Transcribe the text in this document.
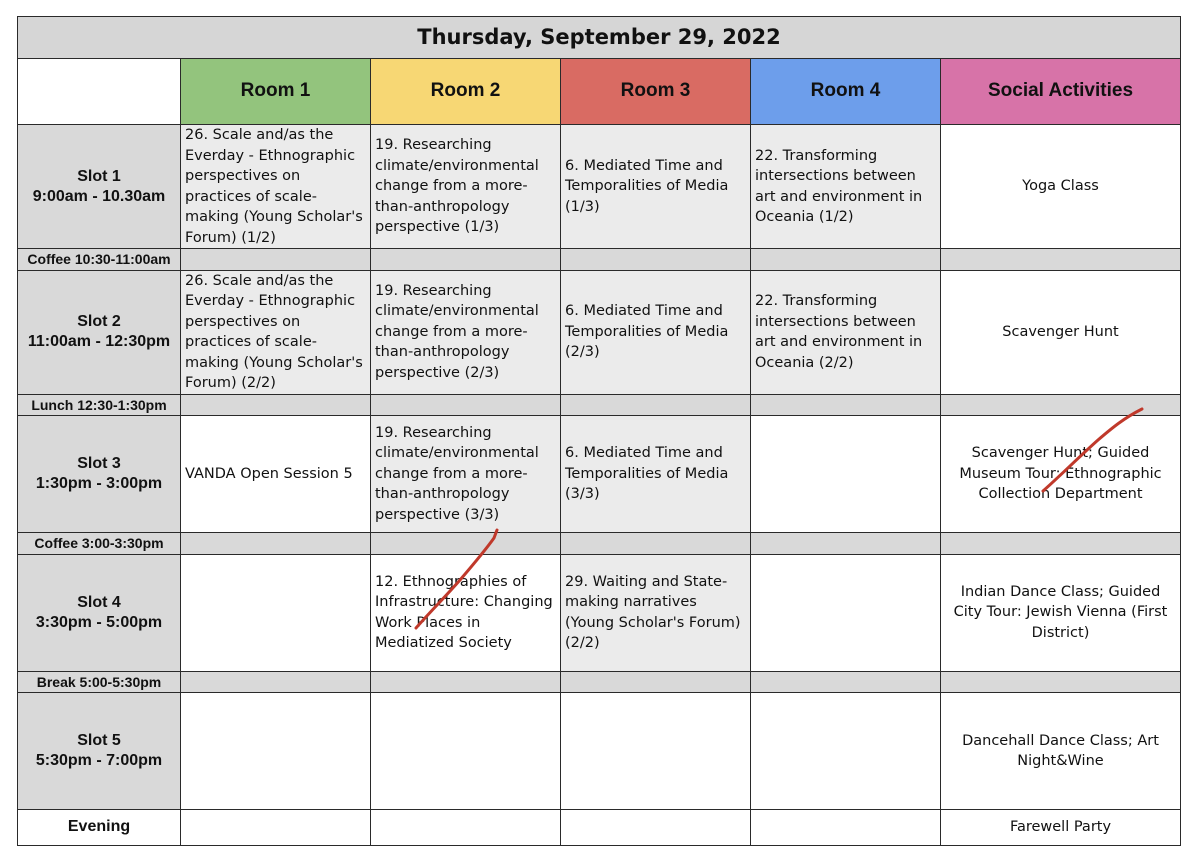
Thursday, September 29, 2022					
	Room 1	Room 2	Room 3	Room 4	Social Activities

Slot 1
9:00am - 10.30am	26. Scale and/as the Everday - Ethnographic perspectives on practices of scale-making (Young Scholar's Forum) (1/2)	19. Researching climate/environmental change from a more-than-anthropology perspective (1/3)	6. Mediated Time and Temporalities of Media (1/3)	22. Transforming intersections between art and environment in Oceania (1/2)	Yoga Class
Coffee 10:30-11:00am					

Slot 2
11:00am - 12:30pm	26. Scale and/as the Everday - Ethnographic perspectives on practices of scale-making (Young Scholar's Forum) (2/2)	19. Researching climate/environmental change from a more-than-anthropology perspective (2/3)	6. Mediated Time and Temporalities of Media (2/3)	22. Transforming intersections between art and environment in Oceania (2/2)	Scavenger Hunt
Lunch 12:30-1:30pm					

Slot 3
1:30pm - 3:00pm	VANDA Open Session 5	19. Researching climate/environmental change from a more-than-anthropology perspective (3/3)	6. Mediated Time and Temporalities of Media (3/3)		Scavenger Hunt; Guided Museum Tour: Ethnographic Collection Department
Coffee 3:00-3:30pm					

Slot 4
3:30pm - 5:00pm		12. Ethnographies of Infrastructure: Changing Work Places in Mediatized Society	29. Waiting and State-making narratives (Young Scholar's Forum) (2/2)		Indian Dance Class; Guided City Tour: Jewish Vienna (First District)
Break 5:00-5:30pm					

Slot 5
5:30pm - 7:00pm					Dancehall Dance Class; Art Night&Wine
Evening					Farewell Party
